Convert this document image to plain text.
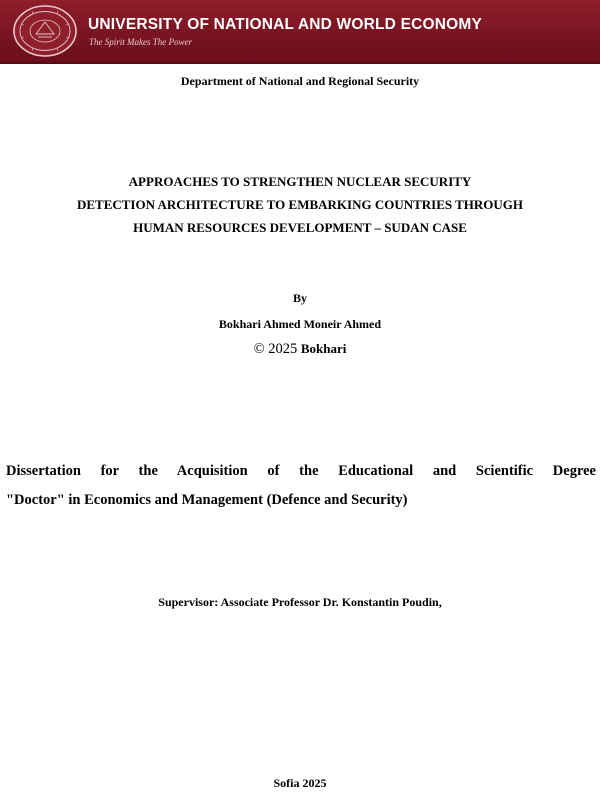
UNIVERSITY OF NATIONAL AND WORLD ECONOMY
The Spirit Makes The Power
Department of National and Regional Security
APPROACHES TO STRENGTHEN NUCLEAR SECURITY
DETECTION ARCHITECTURE TO EMBARKING COUNTRIES THROUGH
HUMAN RESOURCES DEVELOPMENT – SUDAN CASE
By
Bokhari Ahmed Moneir Ahmed
© 2025 Bokhari
Dissertation for the Acquisition of the Educational and Scientific Degree
"Doctor" in Economics and Management (Defence and Security)
Supervisor: Associate Professor Dr. Konstantin Poudin,
Sofia 2025
